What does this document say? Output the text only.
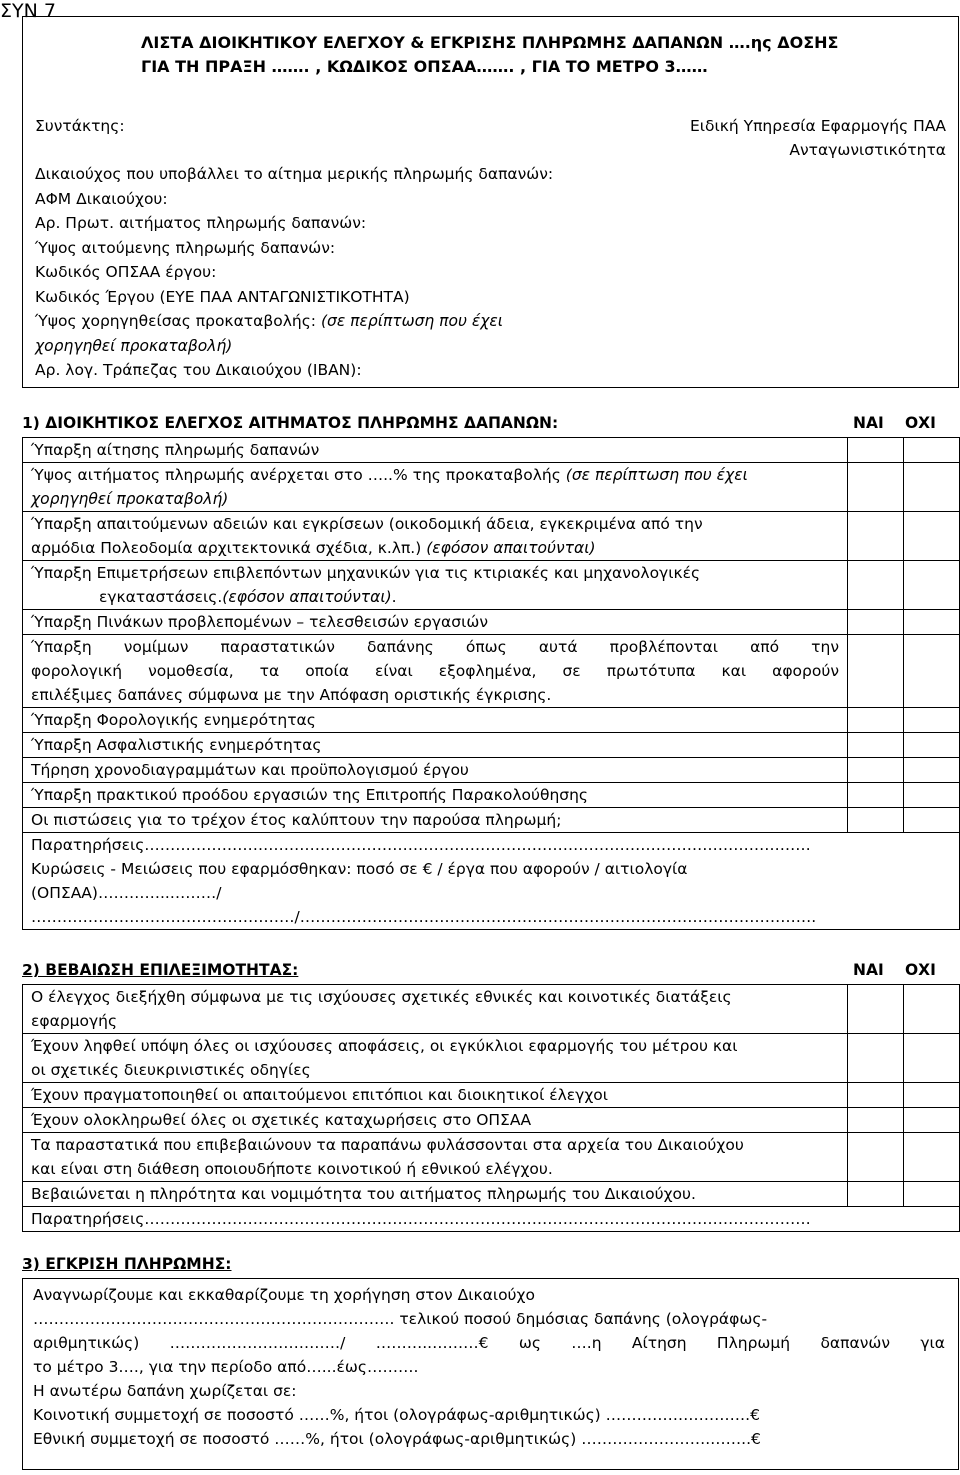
ΣΥΝ 7
ΛΙΣΤΑ ΔΙΟΙΚΗΤΙΚΟΥ ΕΛΕΓΧΟΥ & ΕΓΚΡΙΣΗΣ ΠΛΗΡΩΜΗΣ ΔΑΠΑΝΩΝ ….ης ΔΟΣΗΣ
ΓΙΑ ΤΗ ΠΡΑΞΗ ……. , ΚΩΔΙΚΟΣ ΟΠΣΑΑ……. , ΓΙΑ ΤΟ ΜΕΤΡΟ 3……
Συντάκτης:
Δικαιούχος που υποβάλλει το αίτημα μερικής πληρωμής δαπανών:
ΑΦΜ Δικαιούχου:
Αρ. Πρωτ. αιτήματος πληρωμής δαπανών:
Ύψος αιτούμενης πληρωμής δαπανών:
Κωδικός ΟΠΣΑΑ έργου:
Κωδικός Έργου (ΕΥΕ ΠΑΑ ΑΝΤΑΓΩΝΙΣΤΙΚΟΤΗΤΑ)
Ύψος χορηγηθείσας προκαταβολής: (σε περίπτωση που έχει
χορηγηθεί προκαταβολή)
Αρ. λογ. Τράπεζας του Δικαιούχου (IBAN):
Ειδική Υπηρεσία Εφαρμογής ΠΑΑ
Ανταγωνιστικότητα
1) ΔΙΟΙΚΗΤΙΚΟΣ ΕΛΕΓΧΟΣ ΑΙΤΗΜΑΤΟΣ ΠΛΗΡΩΜΗΣ ΔΑΠΑΝΩΝ:	ΝΑΙ ΟΧΙ
Ύπαρξη αίτησης πληρωμής δαπανών		

Ύψος αιτήματος πληρωμής ανέρχεται στο …..% της προκαταβολής (σε περίπτωση που έχει
χορηγηθεί προκαταβολή)		

Ύπαρξη απαιτούμενων αδειών και εγκρίσεων (οικοδομική άδεια, εγκεκριμένα από την
αρμόδια Πολεοδομία αρχιτεκτονικά σχέδια, κ.λπ.) (εφόσον απαιτούνται)		

Ύπαρξη Επιμετρήσεων επιβλεπόντων μηχανικών για τις κτιριακές και μηχανολογικές
εγκαταστάσεις.(εφόσον απαιτούνται).		

Ύπαρξη Πινάκων προβλεπομένων – τελεσθεισών εργασιών		

Ύπαρξη νομίμων παραστατικών δαπάνης όπως αυτά προβλέπονται από την
φορολογική νομοθεσία, τα οποία είναι εξοφλημένα, σε πρωτότυπα και αφορούν
επιλέξιμες δαπάνες σύμφωνα με την Απόφαση οριστικής έγκρισης.		

Ύπαρξη Φορολογικής ενημερότητας		
Ύπαρξη Ασφαλιστικής ενημερότητας		
Τήρηση χρονοδιαγραμμάτων και προϋπολογισμού έργου		
Ύπαρξη πρακτικού προόδου εργασιών της Επιτροπής Παρακολούθησης		
Οι πιστώσεις για το τρέχον έτος καλύπτουν την παρούσα πληρωμή;		

Παρατηρήσεις…………………………………………………………………………………………………………………
Κυρώσεις - Μειώσεις που εφαρμόσθηκαν: ποσό σε € / έργα που αφορούν / αιτιολογία
(ΟΠΣΑΑ)…………..………/
……………………………………………/……………………………………………………………………………………….		
2) ΒΕΒΑΙΩΣΗ ΕΠΙΛΕΞΙΜΟΤΗΤΑΣ:	ΝΑΙ ΟΧΙ
Ο έλεγχος διεξήχθη σύμφωνα με τις ισχύουσες σχετικές εθνικές και κοινοτικές διατάξεις
εφαρμογής		

Έχουν ληφθεί υπόψη όλες οι ισχύουσες αποφάσεις, οι εγκύκλιοι εφαρμογής του μέτρου και
οι σχετικές διευκρινιστικές οδηγίες		

Έχουν πραγματοποιηθεί οι απαιτούμενοι επιτόπιοι και διοικητικοί έλεγχοι		
Έχουν ολοκληρωθεί όλες οι σχετικές καταχωρήσεις στο ΟΠΣΑΑ		

Τα παραστατικά που επιβεβαιώνουν τα παραπάνω φυλάσσονται στα αρχεία του Δικαιούχου
και είναι στη διάθεση οποιουδήποτε κοινοτικού ή εθνικού ελέγχου.		

Βεβαιώνεται η πληρότητα και νομιμότητα του αιτήματος πληρωμής του Δικαιούχου.		

Παρατηρήσεις…………………………………………………………………………………………………………………		
3) ΕΓΚΡΙΣΗ ΠΛΗΡΩΜΗΣ:
Αναγνωρίζουμε και εκκαθαρίζουμε τη χορήγηση στον Δικαιούχο
……………………………………………………………. τελικού ποσού δημόσιας δαπάνης (ολογράφως-
αριθμητικώς) ……………………………/ ………..………€ ως ….η Αίτηση Πληρωμή δαπανών για
το μέτρο 3…., για την περίοδο από…...έως……….
Η ανωτέρω δαπάνη χωρίζεται σε:
Κοινοτική συμμετοχή σε ποσοστό ……%, ήτοι (ολογράφως-αριθμητικώς) ……………………….€
Εθνική συμμετοχή σε ποσοστό ……%, ήτοι (ολογράφως-αριθμητικώς) …………………….……..€
